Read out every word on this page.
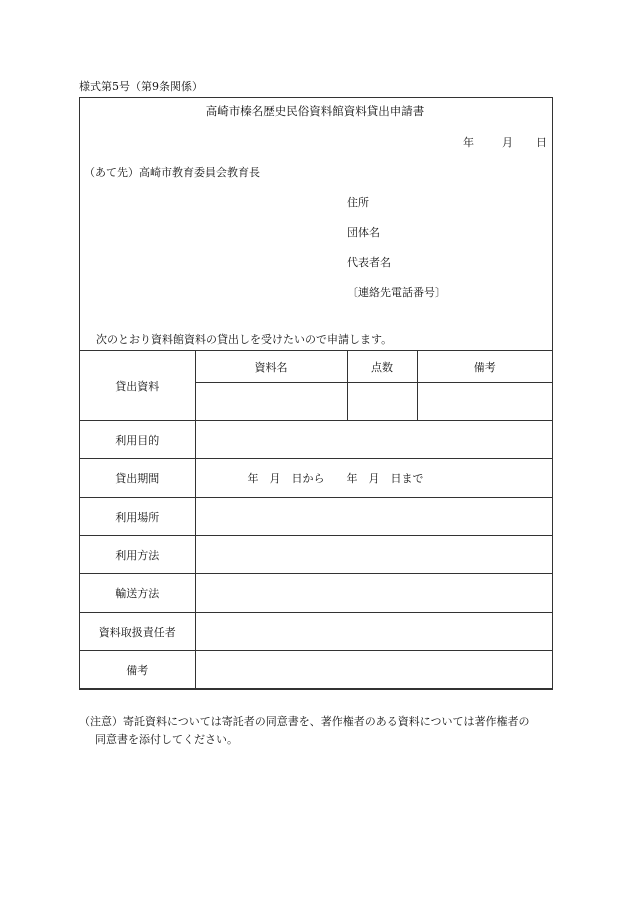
様式第5号（第9条関係）
高崎市榛名歴史民俗資料館資料貸出申請書
年	月 日
（あて先）高崎市教育委員会教育長
住所
団体名
代表者名
〔連絡先電話番号〕
次のとおり資料館資料の貸出しを受けたいので申請します。
貸出資料	資料名	点数	備考

利用目的			
貸出期間	年　月　日から　　年　月　日まで		
利用場所			
利用方法			
輸送方法			
資料取扱責任者			
備考			
（注意）寄託資料については寄託者の同意書を、著作権者のある資料については著作権者の
同意書を添付してください。
